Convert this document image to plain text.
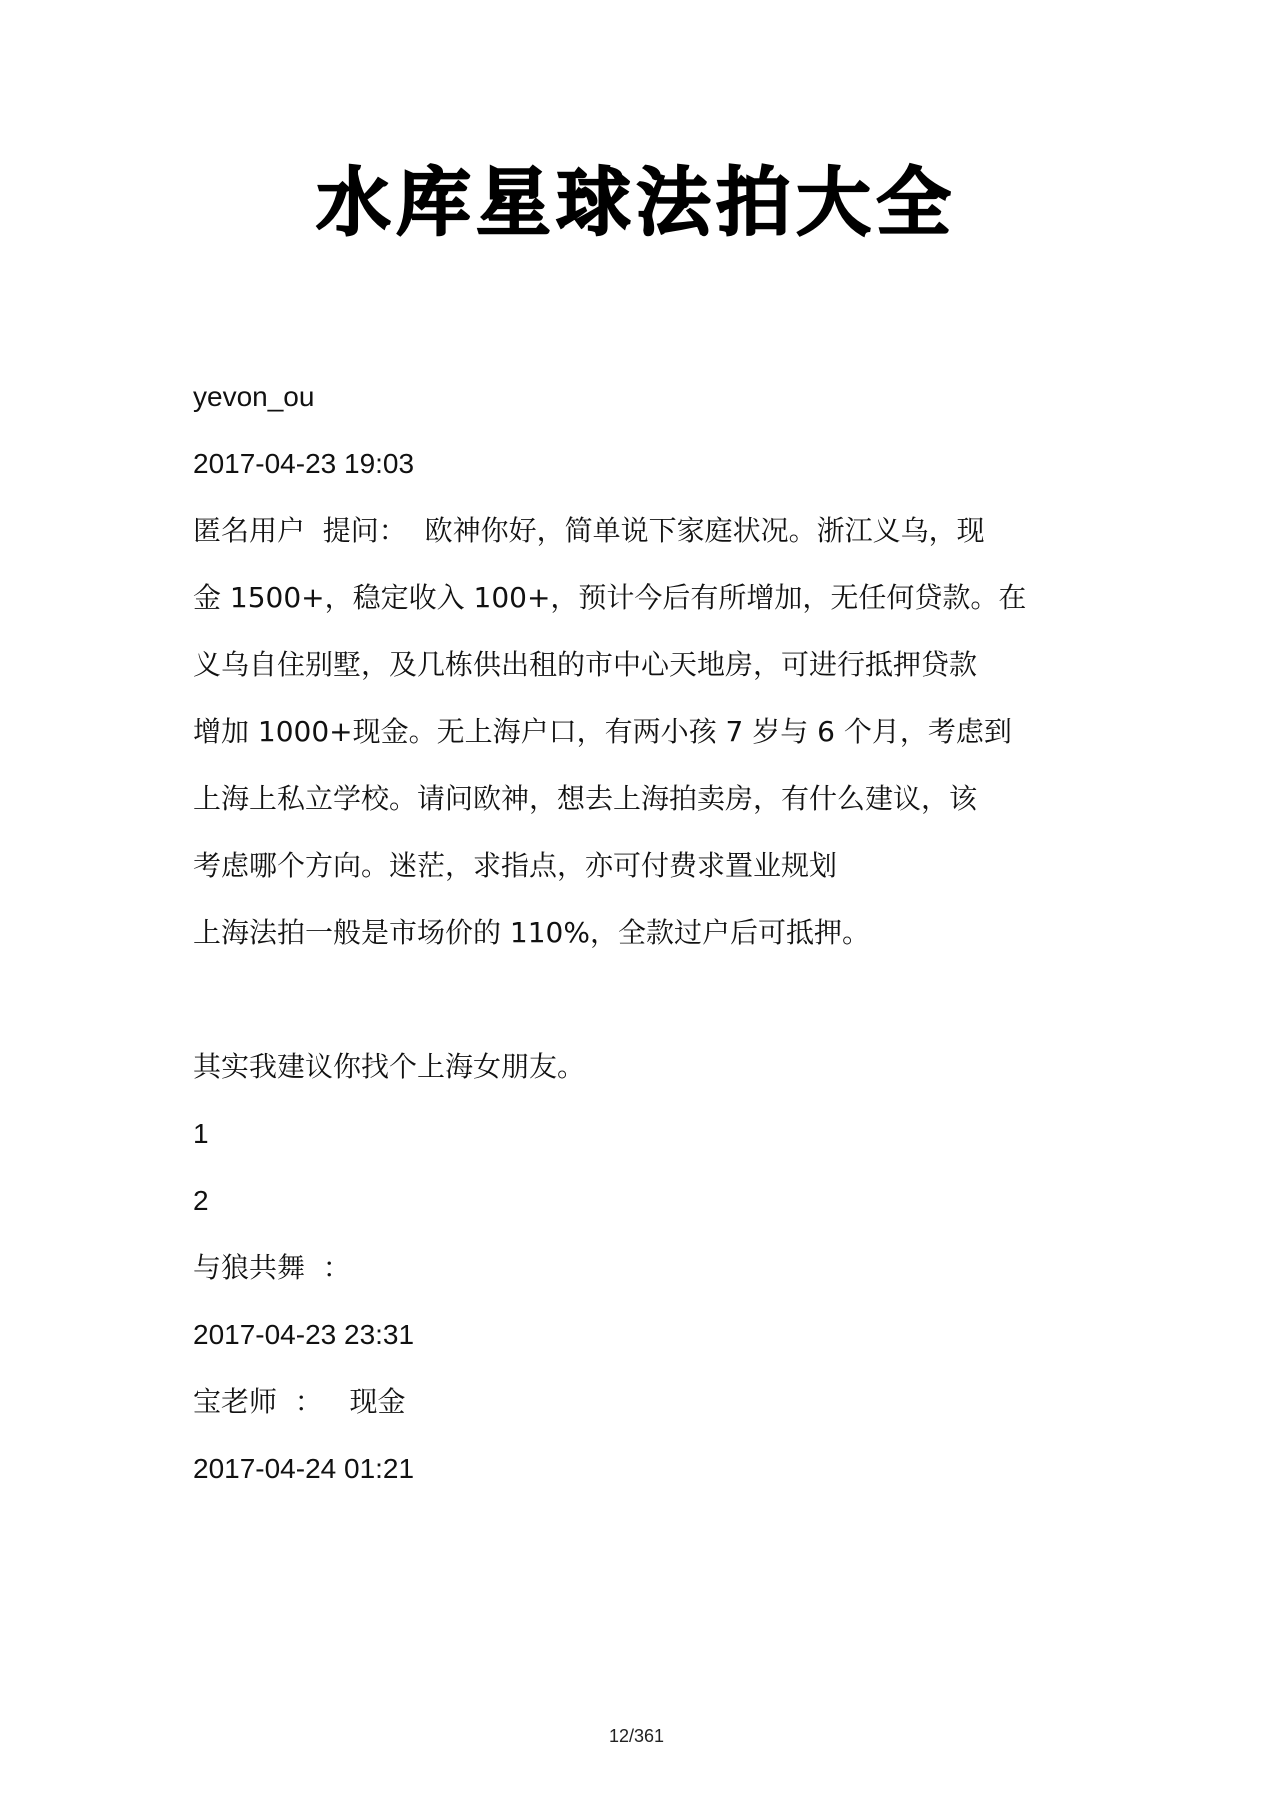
水库星球法拍大全
yevon_ou
2017-04-23 19:03
匿名用户  提问：  欧神你好，简单说下家庭状况。浙江义乌，现
金 1500+，稳定收入 100+，预计今后有所增加，无任何贷款。在
义乌自住别墅，及几栋供出租的市中心天地房，可进行抵押贷款
增加 1000+现金。无上海户口，有两小孩 7 岁与 6 个月，考虑到
上海上私立学校。请问欧神，想去上海拍卖房，有什么建议，该
考虑哪个方向。迷茫，求指点，亦可付费求置业规划
上海法拍一般是市场价的 110%，全款过户后可抵押。
其实我建议你找个上海女朋友。
1
2
与狼共舞  ：
2017-04-23 23:31
宝老师  ：   现金
2017-04-24 01:21
12/361
